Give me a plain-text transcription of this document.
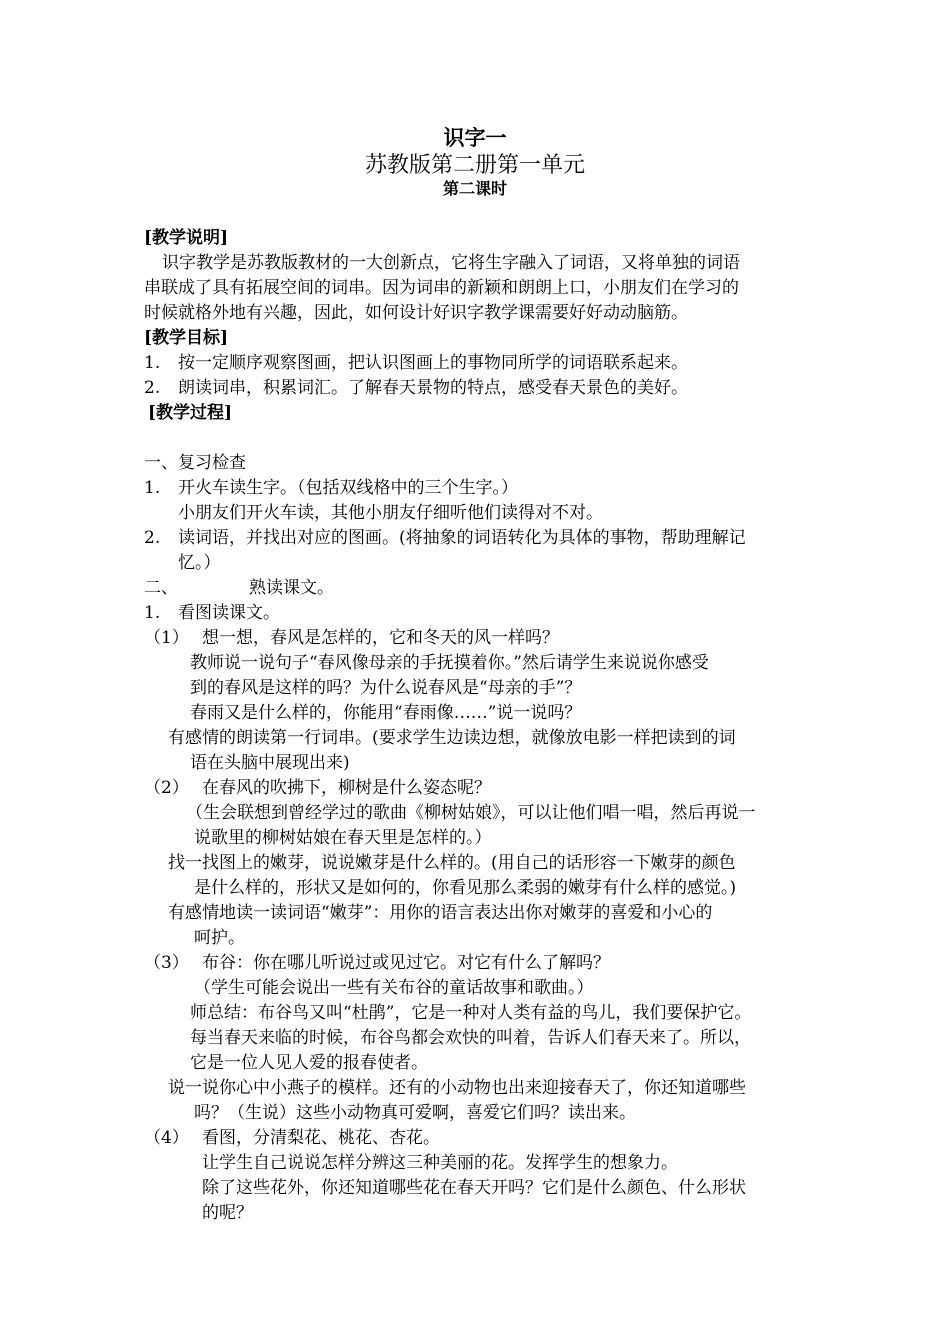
识字一
苏教版第二册第一单元
第二课时
[教学说明]
识字教学是苏教版教材的一大创新点，它将生字融入了词语，又将单独的词语
串联成了具有拓展空间的词串。因为词串的新颖和朗朗上口，小朋友们在学习的
时候就格外地有兴趣，因此，如何设计好识字教学课需要好好动动脑筋。
[教学目标]
1. 按一定顺序观察图画，把认识图画上的事物同所学的词语联系起来。
2. 朗读词串，积累词汇。了解春天景物的特点，感受春天景色的美好。
[教学过程]
一、复习检查
1. 开火车读生字。（包括双线格中的三个生字。）
小朋友们开火车读，其他小朋友仔细听他们读得对不对。
2. 读词语，并找出对应的图画。(将抽象的词语转化为具体的事物，帮助理解记
忆。）
二、	熟读课文。
1. 看图读课文。
（1） 想一想，春风是怎样的，它和冬天的风一样吗？
教师说一说句子“春风像母亲的手抚摸着你。”然后请学生来说说你感受
到的春风是这样的吗？为什么说春风是“母亲的手”？
春雨又是什么样的，你能用“春雨像……”说一说吗？
有感情的朗读第一行词串。(要求学生边读边想，就像放电影一样把读到的词
语在头脑中展现出来)
（2） 在春风的吹拂下，柳树是什么姿态呢？
（生会联想到曾经学过的歌曲《柳树姑娘》，可以让他们唱一唱，然后再说一
说歌里的柳树姑娘在春天里是怎样的。）
找一找图上的嫩芽，说说嫩芽是什么样的。(用自己的话形容一下嫩芽的颜色
是什么样的，形状又是如何的，你看见那么柔弱的嫩芽有什么样的感觉。)
有感情地读一读词语“嫩芽”：用你的语言表达出你对嫩芽的喜爱和小心的
呵护。
（3） 布谷：你在哪儿听说过或见过它。对它有什么了解吗？
（学生可能会说出一些有关布谷的童话故事和歌曲。）
师总结：布谷鸟又叫“杜鹃”，它是一种对人类有益的鸟儿，我们要保护它。
每当春天来临的时候，布谷鸟都会欢快的叫着，告诉人们春天来了。所以，
它是一位人见人爱的报春使者。
说一说你心中小燕子的模样。还有的小动物也出来迎接春天了，你还知道哪些
吗？（生说）这些小动物真可爱啊，喜爱它们吗？读出来。
（4） 看图，分清梨花、桃花、杏花。
让学生自己说说怎样分辨这三种美丽的花。发挥学生的想象力。
除了这些花外，你还知道哪些花在春天开吗？它们是什么颜色、什么形状
的呢？
